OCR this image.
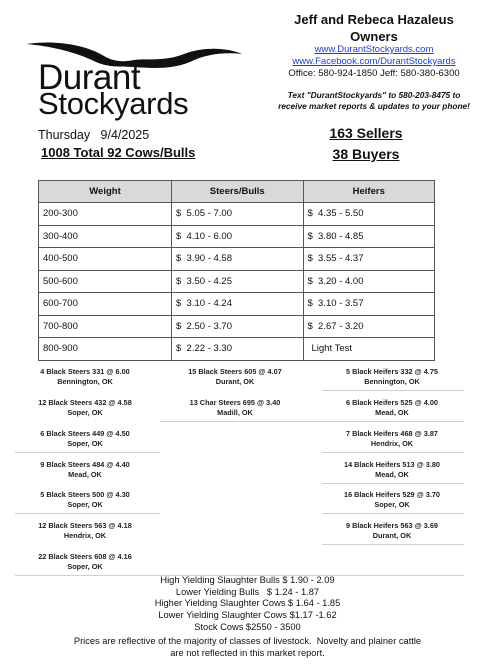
Durant
Stockyards
Jeff and Rebeca Hazaleus
Owners
www.DurantStockyards.com
www.Facebook.com/DurantStockyards
Office: 580-924-1850 Jeff: 580-380-6300
Text "DurantStockyards" to 580-203-8475 to
receive market reports & updates to your phone!
Thursday   9/4/2025
1008 Total 92 Cows/Bulls
163 Sellers
38 Buyers
Weight	Steers/Bulls	Heifers
200-300	$  5.05 - 7.00	$  4.35 - 5.50
300-400	$  4.10 - 6.00	$  3.80 - 4.85
400-500	$  3.90 - 4.58	$  3.55 - 4.37
500-600	$  3.50 - 4.25	$  3.20 - 4.00
600-700	$  3.10 - 4.24	$  3.10 - 3.57
700-800	$  2.50 - 3.70	$  2.67 - 3.20
800-900	$  2.22 - 3.30	Light Test
4 Black Steers 331 @ 6.00
Bennington, OK
12 Black Steers 432 @ 4.58
Soper, OK
6 Black Steers 449 @ 4.50
Soper, OK
9 Black Steers 484 @ 4.40
Mead, OK
5 Black Steers 500 @ 4.30
Soper, OK
12 Black Steers 563 @ 4.18
Hendrix, OK
22 Black Steers 608 @ 4.16
Soper, OK
15 Black Steers 605 @ 4.07
Durant, OK
13 Char Steers 695 @ 3.40
Madill, OK
5 Black Heifers 332 @ 4.75
Bennington, OK
6 Black Heifers 525 @ 4.00
Mead, OK
7 Black Heifers 468 @ 3.87
Hendrix, OK
14 Black Heifers 513 @ 3.80
Mead, OK
16 Black Heifers 529 @ 3.70
Soper, OK
9 Black Heifers 563 @ 3.69
Durant, OK
High Yielding Slaughter Bulls $ 1.90 - 2.09
Lower Yielding Bulls   $ 1.24 - 1.87
Higher Yielding Slaughter Cows $ 1.64 - 1.85
Lower Yielding Slaughter Cows $1.17 -1.62
Stock Cows $2550 - 3500
Prices are reflective of the majority of classes of livestock.  Novelty and plainer cattle
are not reflected in this market report.
